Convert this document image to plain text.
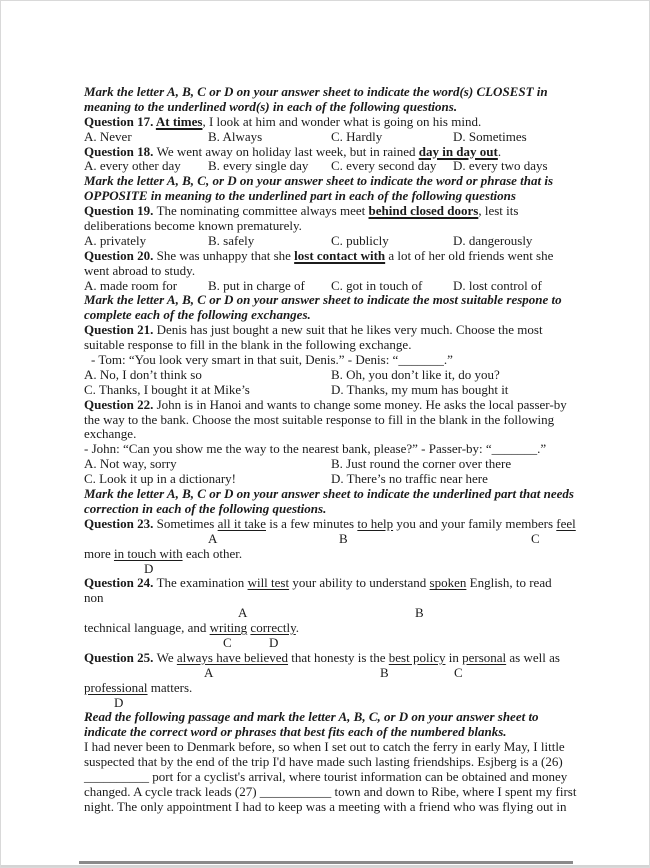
Mark the letter A, B, C or D on your answer sheet to indicate the word(s) CLOSEST in
meaning to the underlined word(s) in each of the following questions.
Question 17. At times, I look at him and wonder what is going on his mind.
A. Never	B. Always	C. Hardly	D. Sometimes
Question 18. We went away on holiday last week, but in rained day in day out.
A. every other day B. every single day C. every second day D. every two days
Mark the letter A, B, C, or D on your answer sheet to indicate the word or phrase that is
OPPOSITE in meaning to the underlined part in each of the following questions
Question 19. The nominating committee always meet behind closed doors, lest its
deliberations become known prematurely.
A. privately	B. safely	C. publicly	D. dangerously
Question 20. She was unhappy that she lost contact with a lot of her old friends went she
went abroad to study.
A. made room for B. put in charge of C. got in touch of D. lost control of
Mark the letter A, B, C or D on your answer sheet to indicate the most suitable respone to
complete each of the following exchanges.
Question 21. Denis has just bought a new suit that he likes very much. Choose the most
suitable response to fill in the blank in the following exchange.
- Tom: “You look very smart in that suit, Denis.” - Denis: “_______.”
A. No, I don’t think so	B. Oh, you don’t like it, do you?
C. Thanks, I bought it at Mike’s	D. Thanks, my mum has bought it
Question 22. John is in Hanoi and wants to change some money. He asks the local passer-by
the way to the bank. Choose the most suitable response to fill in the blank in the following
exchange.
- John: “Can you show me the way to the nearest bank, please?” - Passer-by: “_______.”
A. Not way, sorry	B. Just round the corner over there
C. Look it up in a dictionary!	D. There’s no traffic near here
Mark the letter A, B, C or D on your answer sheet to indicate the underlined part that needs
correction in each of the following questions.
Question 23. Sometimes all it take is a few minutes to help you and your family members feel
A	B	C
more in touch with each other.
D
Question 24. The examination will test your ability to understand spoken English, to read
non
A	B
technical language, and writing correctly.
C	D
Question 25. We always have believed that honesty is the best policy in personal as well as
A	B	C
professional matters.
D
Read the following passage and mark the letter A, B, C, or D on your answer sheet to
indicate the correct word or phrases that best fits each of the numbered blanks.
I had never been to Denmark before, so when I set out to catch the ferry in early May, I little
suspected that by the end of the trip I'd have made such lasting friendships. Esjberg is a (26)
__________ port for a cyclist's arrival, where tourist information can be obtained and money
changed. A cycle track leads (27) ___________ town and down to Ribe, where I spent my first
night. The only appointment I had to keep was a meeting with a friend who was flying out in
